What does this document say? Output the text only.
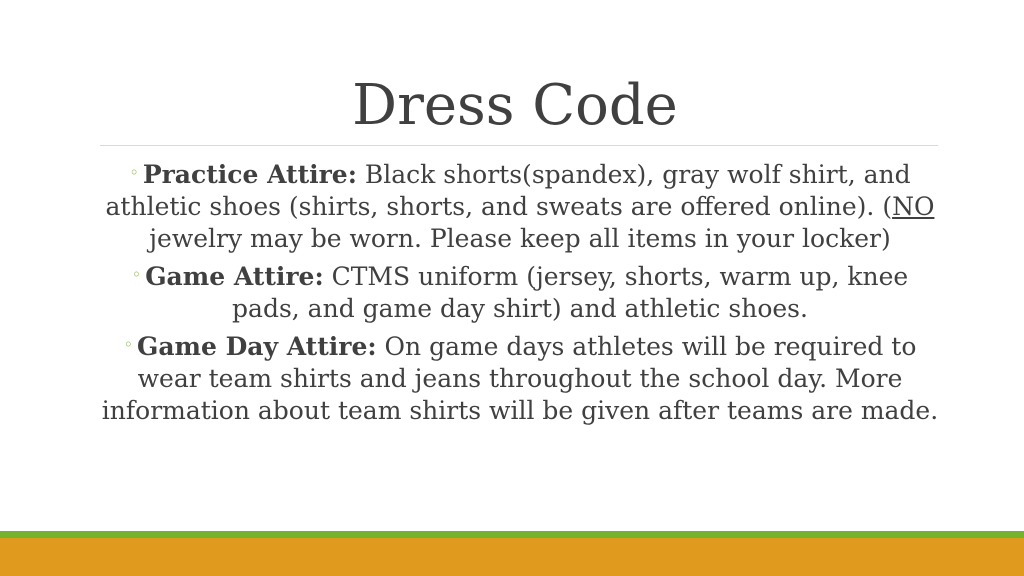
Dress Code

◦ Practice Attire: Black shorts(spandex), gray wolf shirt, and athletic shoes (shirts, shorts, and sweats are offered online). (NO jewelry may be worn. Please keep all items in your locker)

◦ Game Attire: CTMS uniform (jersey, shorts, warm up, knee pads, and game day shirt) and athletic shoes.

◦ Game Day Attire: On game days athletes will be required to wear team shirts and jeans throughout the school day. More information about team shirts will be given after teams are made.
